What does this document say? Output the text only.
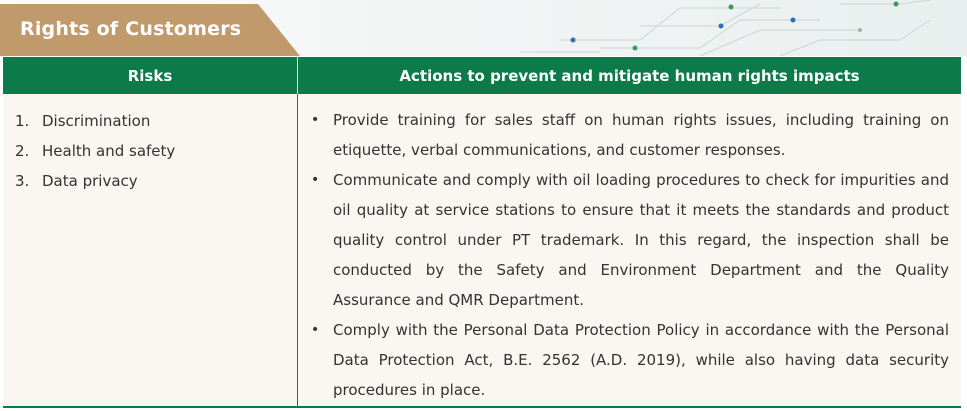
Rights of Customers
Risks	Actions to prevent and mitigate human rights impacts
1. Discrimination
2. Health and safety
3. Data privacy
• Provide training for sales staff on human rights issues, including training on etiquette, verbal communications, and customer responses.
• Communicate and comply with oil loading procedures to check for impurities and oil quality at service stations to ensure that it meets the standards and product quality control under PT trademark. In this regard, the inspection shall be conducted by the Safety and Environment Department and the Quality Assurance and QMR Department.
• Comply with the Personal Data Protection Policy in accordance with the Personal Data Protection Act, B.E. 2562 (A.D. 2019), while also having data security procedures in place.
